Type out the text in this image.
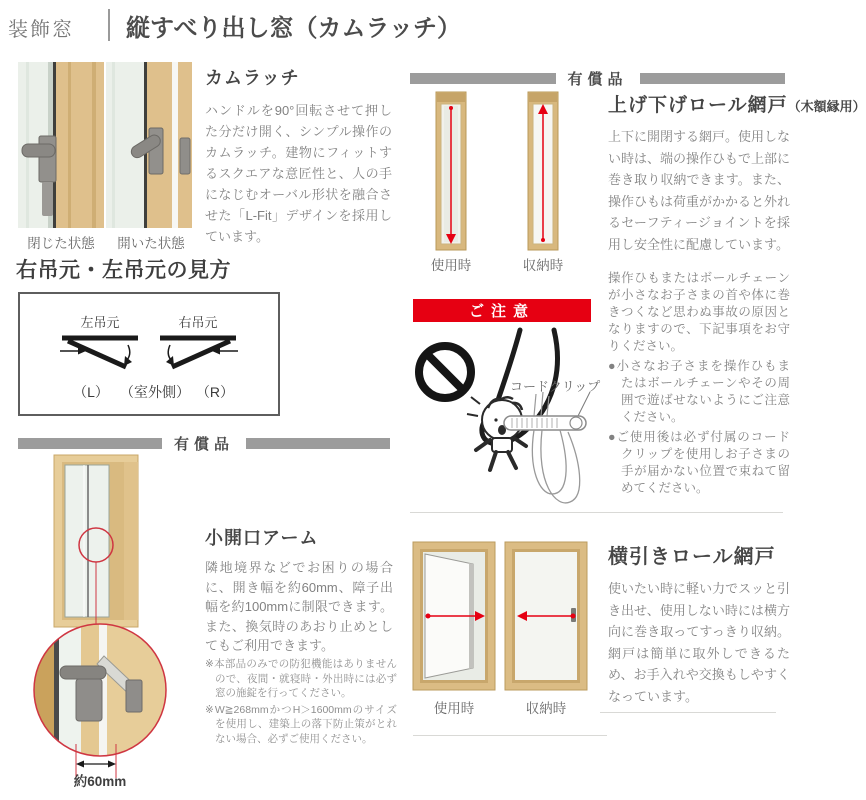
装飾窓 縦すべり出し窓（カムラッチ）
閉じた状態	開いた状態
カムラッチ
ハンドルを90°回転させて押した分だけ開く、シンプル操作のカムラッチ。建物にフィットするスクエアな意匠性と、人の手になじむオーバル形状を融合させた「L-Fit」デザインを採用しています。
右吊元・左吊元の見方
左吊元	右吊元
（L） （室外側） （R）
有償品
約60mm
小開口アーム
隣地境界などでお困りの場合に、開き幅を約60mm、障子出幅を約100mmに制限できます。また、換気時のあおり止めとしてもご利用できます。
※本部品のみでの防犯機能はありませんので、夜間・就寝時・外出時には必ず窓の施錠を行ってください。
※W≧268mmかつH＞1600mmのサイズを使用し、建築上の落下防止策がとれない場合、必ずご使用ください。
有償品
使用時	収納時
上げ下げロール網戸（木額縁用）
上下に開閉する網戸。使用しない時は、端の操作ひもで上部に巻き取り収納できます。また、操作ひもは荷重がかかると外れるセーフティージョイントを採用し安全性に配慮しています。
操作ひもまたはボールチェーンが小さなお子さまの首や体に巻きつくなど思わぬ事故の原因となりますので、下記事項をお守りください。
●小さなお子さまを操作ひもまたはボールチェーンやその周囲で遊ばせないようにご注意ください。
●ご使用後は必ず付属のコードクリップを使用しお子さまの手が届かない位置で束ねて留めてください。
ご注意
コードクリップ
使用時	収納時
横引きロール網戸
使いたい時に軽い力でスッと引き出せ、使用しない時には横方向に巻き取ってすっきり収納。網戸は簡単に取外しできるため、お手入れや交換もしやすくなっています。
